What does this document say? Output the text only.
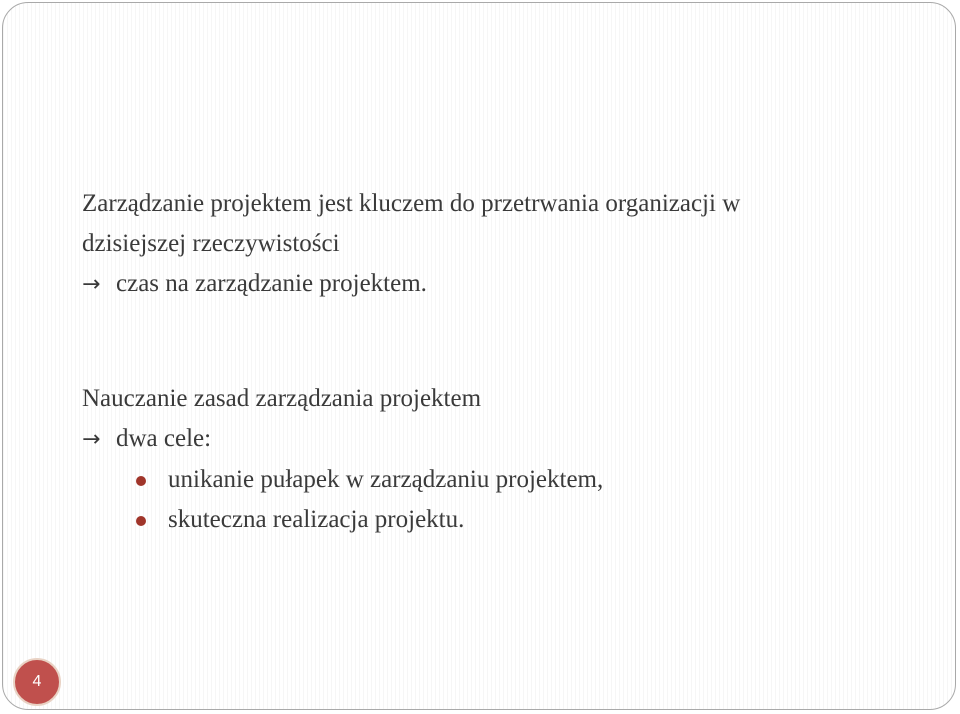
Zarządzanie projektem jest kluczem do przetrwania organizacji w
dzisiejszej rzeczywistości
→ czas na zarządzanie projektem.
Nauczanie zasad zarządzania projektem
→ dwa cele:
unikanie pułapek w zarządzaniu projektem,
skuteczna realizacja projektu.
4
